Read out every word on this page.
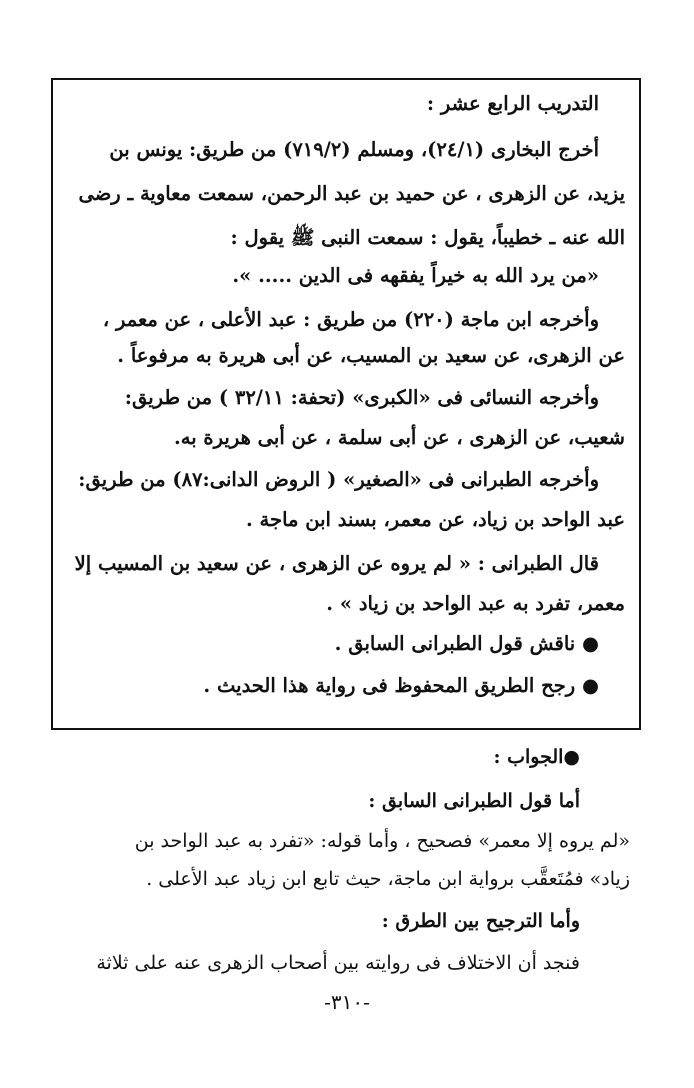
التدريب الرابع عشر :
أخرج البخارى (٢٤/١)، ومسلم (٧١٩/٢) من طريق: يونس بن
يزيد، عن الزهرى ، عن حميد بن عبد الرحمن، سمعت معاوية ـ رضى
الله عنه ـ خطيباً، يقول : سمعت النبى ﷺ يقول :
«من يرد الله به خيراً يفقهه فى الدين ..... ».
وأخرجه ابن ماجة (٢٢٠) من طريق : عبد الأعلى ، عن معمر ،
عن الزهرى، عن سعيد بن المسيب، عن أبى هريرة به مرفوعاً .
وأخرجه النسائى فى «الكبرى» (تحفة: ٣٢/١١ ) من طريق:
شعيب، عن الزهرى ، عن أبى سلمة ، عن أبى هريرة به.
وأخرجه الطبرانى فى «الصغير» ( الروض الدانى:٨٧) من طريق:
عبد الواحد بن زياد، عن معمر، بسند ابن ماجة .
قال الطبرانى : « لم يروه عن الزهرى ، عن سعيد بن المسيب إلا
معمر، تفرد به عبد الواحد بن زياد » .
● ناقش قول الطبرانى السابق .
● رجح الطريق المحفوظ فى رواية هذا الحديث .
●الجواب :
أما قول الطبرانى السابق :
«لم يروه إلا معمر» فصحيح ، وأما قوله: «تفرد به عبد الواحد بن
زياد» فمُتَعقَّب برواية ابن ماجة، حيث تابع ابن زياد عبد الأعلى .
وأما الترجيح بين الطرق :
فنجد أن الاختلاف فى روايته بين أصحاب الزهرى عنه على ثلاثة
-٣١٠-
